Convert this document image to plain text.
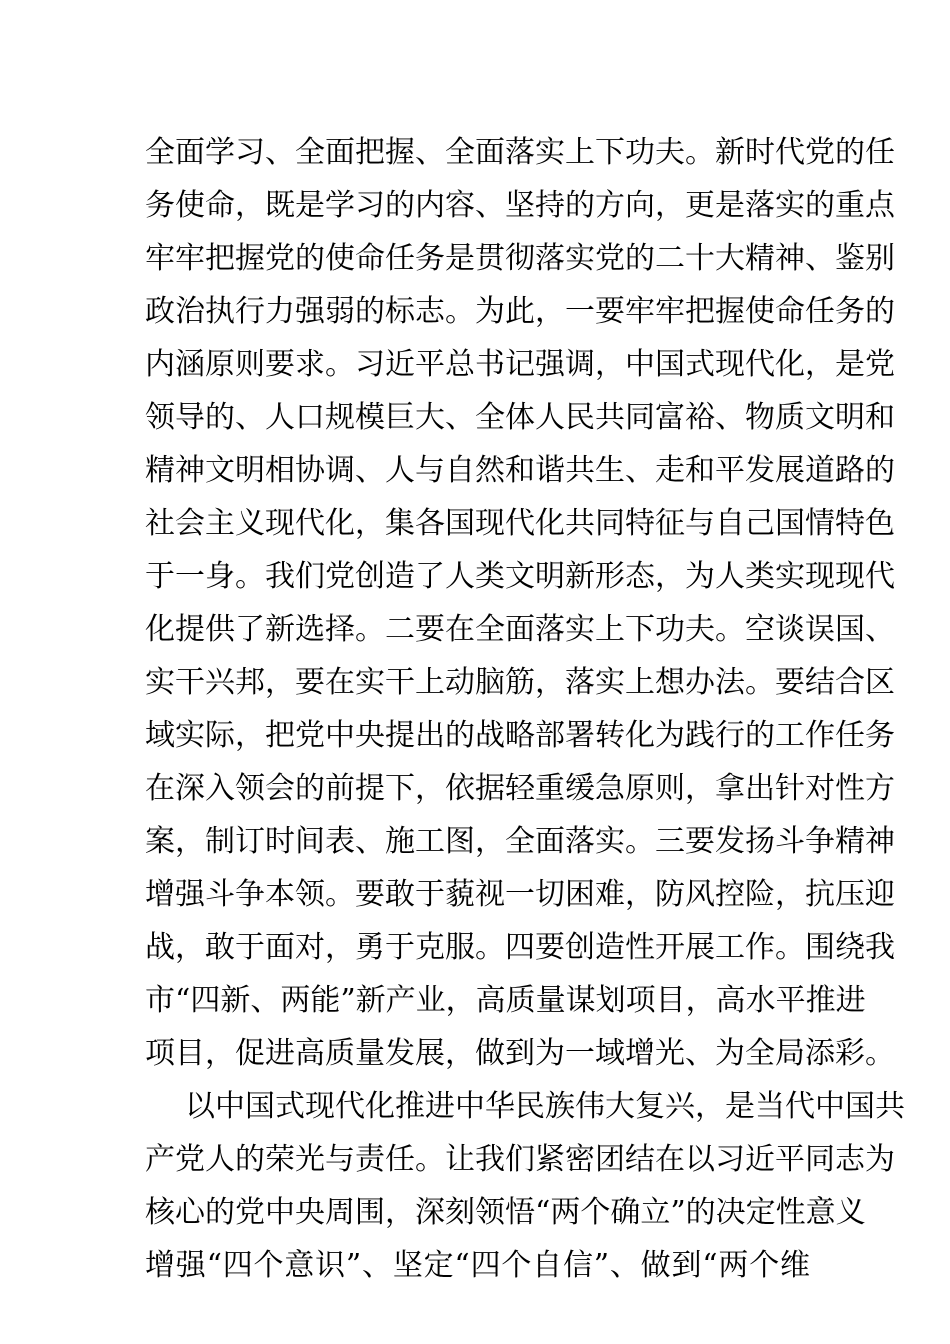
全面学习、全面把握、全面落实上下功夫。新时代党的任
务使命，既是学习的内容、坚持的方向，更是落实的重点
牢牢把握党的使命任务是贯彻落实党的二十大精神、鉴别
政治执行力强弱的标志。为此，一要牢牢把握使命任务的
内涵原则要求。习近平总书记强调，中国式现代化，是党
领导的、人口规模巨大、全体人民共同富裕、物质文明和
精神文明相协调、人与自然和谐共生、走和平发展道路的
社会主义现代化，集各国现代化共同特征与自己国情特色
于一身。我们党创造了人类文明新形态，为人类实现现代
化提供了新选择。二要在全面落实上下功夫。空谈误国、
实干兴邦，要在实干上动脑筋，落实上想办法。要结合区
域实际，把党中央提出的战略部署转化为践行的工作任务
在深入领会的前提下，依据轻重缓急原则，拿出针对性方
案，制订时间表、施工图，全面落实。三要发扬斗争精神
增强斗争本领。要敢于藐视一切困难，防风控险，抗压迎
战，敢于面对，勇于克服。四要创造性开展工作。围绕我
市“四新、两能”新产业，高质量谋划项目，高水平推进
项目，促进高质量发展，做到为一域增光、为全局添彩。
以中国式现代化推进中华民族伟大复兴，是当代中国共
产党人的荣光与责任。让我们紧密团结在以习近平同志为
核心的党中央周围，深刻领悟“两个确立”的决定性意义
增强“四个意识”、坚定“四个自信”、做到“两个维
